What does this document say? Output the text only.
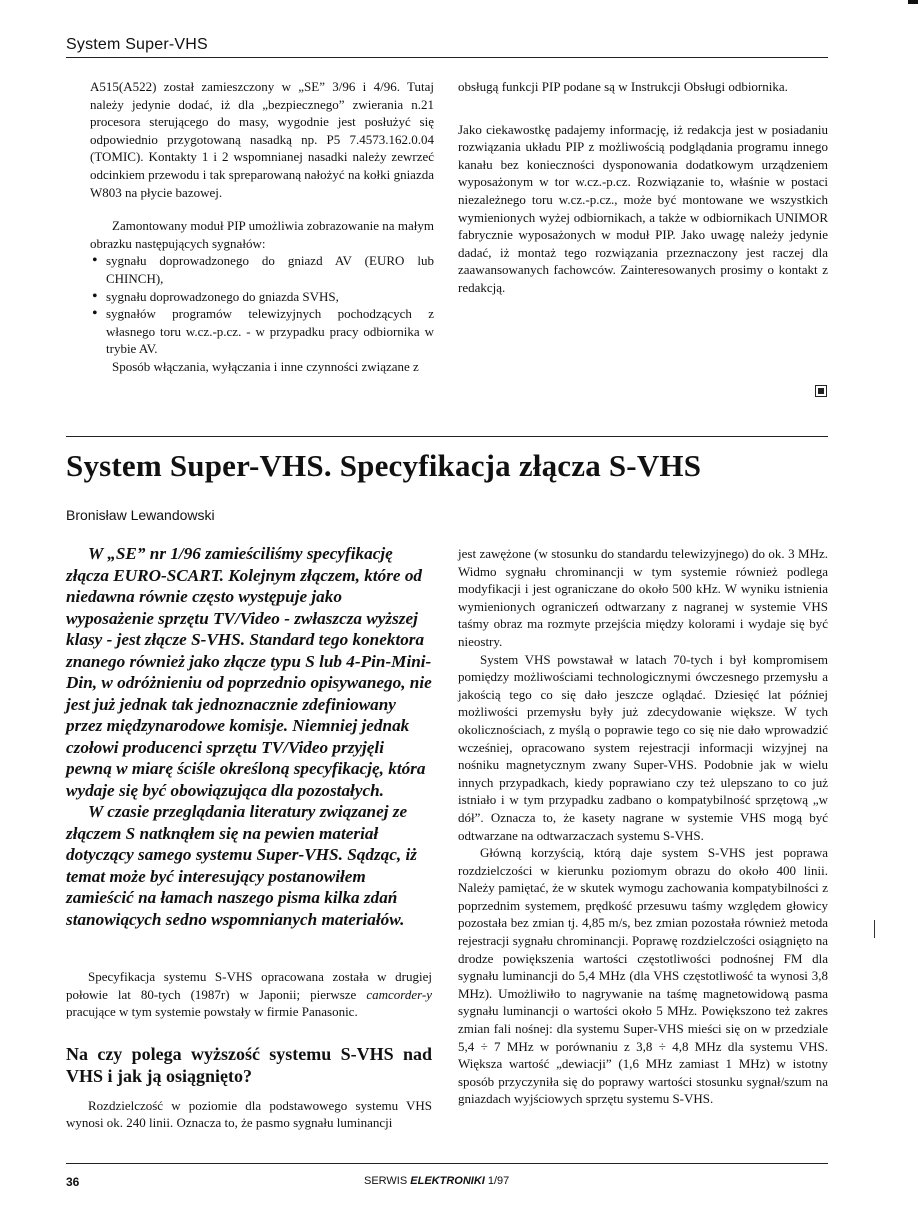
System Super-VHS

A515(A522) został zamieszczony w „SE” 3/96 i 4/96. Tutaj należy jedynie dodać, iż dla „bezpiecznego” zwierania n.21 procesora sterującego do masy, wygodnie jest posłużyć się odpowiednio przygotowaną nasadką np. P5 7.4573.162.0.04 (TOMIC). Kontakty 1 i 2 wspomnianej nasadki należy zewrzeć odcinkiem przewodu i tak spreparowaną nałożyć na kołki gniazda W803 na płycie bazowej.

Zamontowany moduł PIP umożliwia zobrazowanie na małym obrazku następujących sygnałów:

• sygnału doprowadzonego do gniazd AV (EURO lub CHINCH),
• sygnału doprowadzonego do gniazda SVHS,
• sygnałów programów telewizyjnych pochodzących z własnego toru w.cz.-p.cz. - w przypadku pracy odbiornika w trybie AV.

Sposób włączania, wyłączania i inne czynności związane z

obsługą funkcji PIP podane są w Instrukcji Obsługi odbiornika.

Jako ciekawostkę padajemy informację, iż redakcja jest w posiadaniu rozwiązania układu PIP z możliwością podglądania programu innego kanału bez konieczności dysponowania dodatkowym urządzeniem wyposażonym w tor w.cz.-p.cz. Rozwiązanie to, właśnie w postaci niezależnego toru w.cz.-p.cz., może być montowane we wszystkich wymienionych wyżej odbiornikach, a także w odbiornikach UNIMOR fabrycznie wyposażonych w moduł PIP. Jako uwagę należy jedynie dadać, iż montaż tego rozwiązania przeznaczony jest raczej dla zaawansowanych fachowców. Zainteresowanych prosimy o kontakt z redakcją.

System Super-VHS. Specyfikacja złącza S-VHS
Bronisław Lewandowski

W „SE” nr 1/96 zamieściliśmy specyfikację złącza EURO-SCART. Kolejnym złączem, które od niedawna równie często występuje jako wyposażenie sprzętu TV/Video - zwłaszcza wyższej klasy - jest złącze S-VHS. Standard tego konektora znanego również jako złącze typu S lub 4-Pin-Mini-Din, w odróżnieniu od poprzednio opisywanego, nie jest już jednak tak jednoznacznie zdefiniowany przez międzynarodowe komisje. Niemniej jednak czołowi producenci sprzętu TV/Video przyjęli pewną w miarę ściśle określoną specyfikację, która wydaje się być obowiązująca dla pozostałych.

W czasie przeglądania literatury związanej ze złączem S natknąłem się na pewien materiał dotyczący samego systemu Super-VHS. Sądząc, iż temat może być interesujący postanowiłem zamieścić na łamach naszego pisma kilka zdań stanowiących sedno wspomnianych materiałów.

Specyfikacja systemu S-VHS opracowana została w drugiej połowie lat 80-tych (1987r) w Japonii; pierwsze camcorder-y pracujące w tym systemie powstały w firmie Panasonic.

Na czy polega wyższość systemu S-VHS nad VHS i jak ją osiągnięto?

Rozdzielczość w poziomie dla podstawowego systemu VHS wynosi ok. 240 linii. Oznacza to, że pasmo sygnału luminancji

jest zawężone (w stosunku do standardu telewizyjnego) do ok. 3 MHz. Widmo sygnału chrominancji w tym systemie również podlega modyfikacji i jest ograniczane do około 500 kHz. W wyniku istnienia wymienionych ograniczeń odtwarzany z nagranej w systemie VHS taśmy obraz ma rozmyte przejścia między kolorami i wydaje się być nieostry.

System VHS powstawał w latach 70-tych i był kompromisem pomiędzy możliwościami technologicznymi ówczesnego przemysłu a jakością tego co się dało jeszcze oglądać. Dziesięć lat później możliwości przemysłu były już zdecydowanie większe. W tych okolicznościach, z myślą o poprawie tego co się nie dało wprowadzić wcześniej, opracowano system rejestracji informacji wizyjnej na nośniku magnetycznym zwany Super-VHS. Podobnie jak w wielu innych przypadkach, kiedy poprawiano czy też ulepszano to co już istniało i w tym przypadku zadbano o kompatybilność sprzętową „w dół”. Oznacza to, że kasety nagrane w systemie VHS mogą być odtwarzane na odtwarzaczach systemu S-VHS.

Główną korzyścią, którą daje system S-VHS jest poprawa rozdzielczości w kierunku poziomym obrazu do około 400 linii. Należy pamiętać, że w skutek wymogu zachowania kompatybilności z poprzednim systemem, prędkość przesuwu taśmy względem głowicy pozostała bez zmian tj. 4,85 m/s, bez zmian pozostała również metoda rejestracji sygnału chrominancji. Poprawę rozdzielczości osiągnięto na drodze powiększenia wartości częstotliwości podnośnej FM dla sygnału luminancji do 5,4 MHz (dla VHS częstotliwość ta wynosi 3,8 MHz). Umożliwiło to nagrywanie na taśmę magnetowidową pasma sygnału luminancji o wartości około 5 MHz. Powiększono też zakres zmian fali nośnej: dla systemu Super-VHS mieści się on w przedziale 5,4 ÷ 7 MHz w porównaniu z 3,8 ÷ 4,8 MHz dla systemu VHS. Większa wartość „dewiacji” (1,6 MHz zamiast 1 MHz) w istotny sposób przyczyniła się do poprawy wartości stosunku sygnał/szum na gniazdach wyjściowych sprzętu systemu S-VHS.

36	SERWIS ELEKTRONIKI 1/97
